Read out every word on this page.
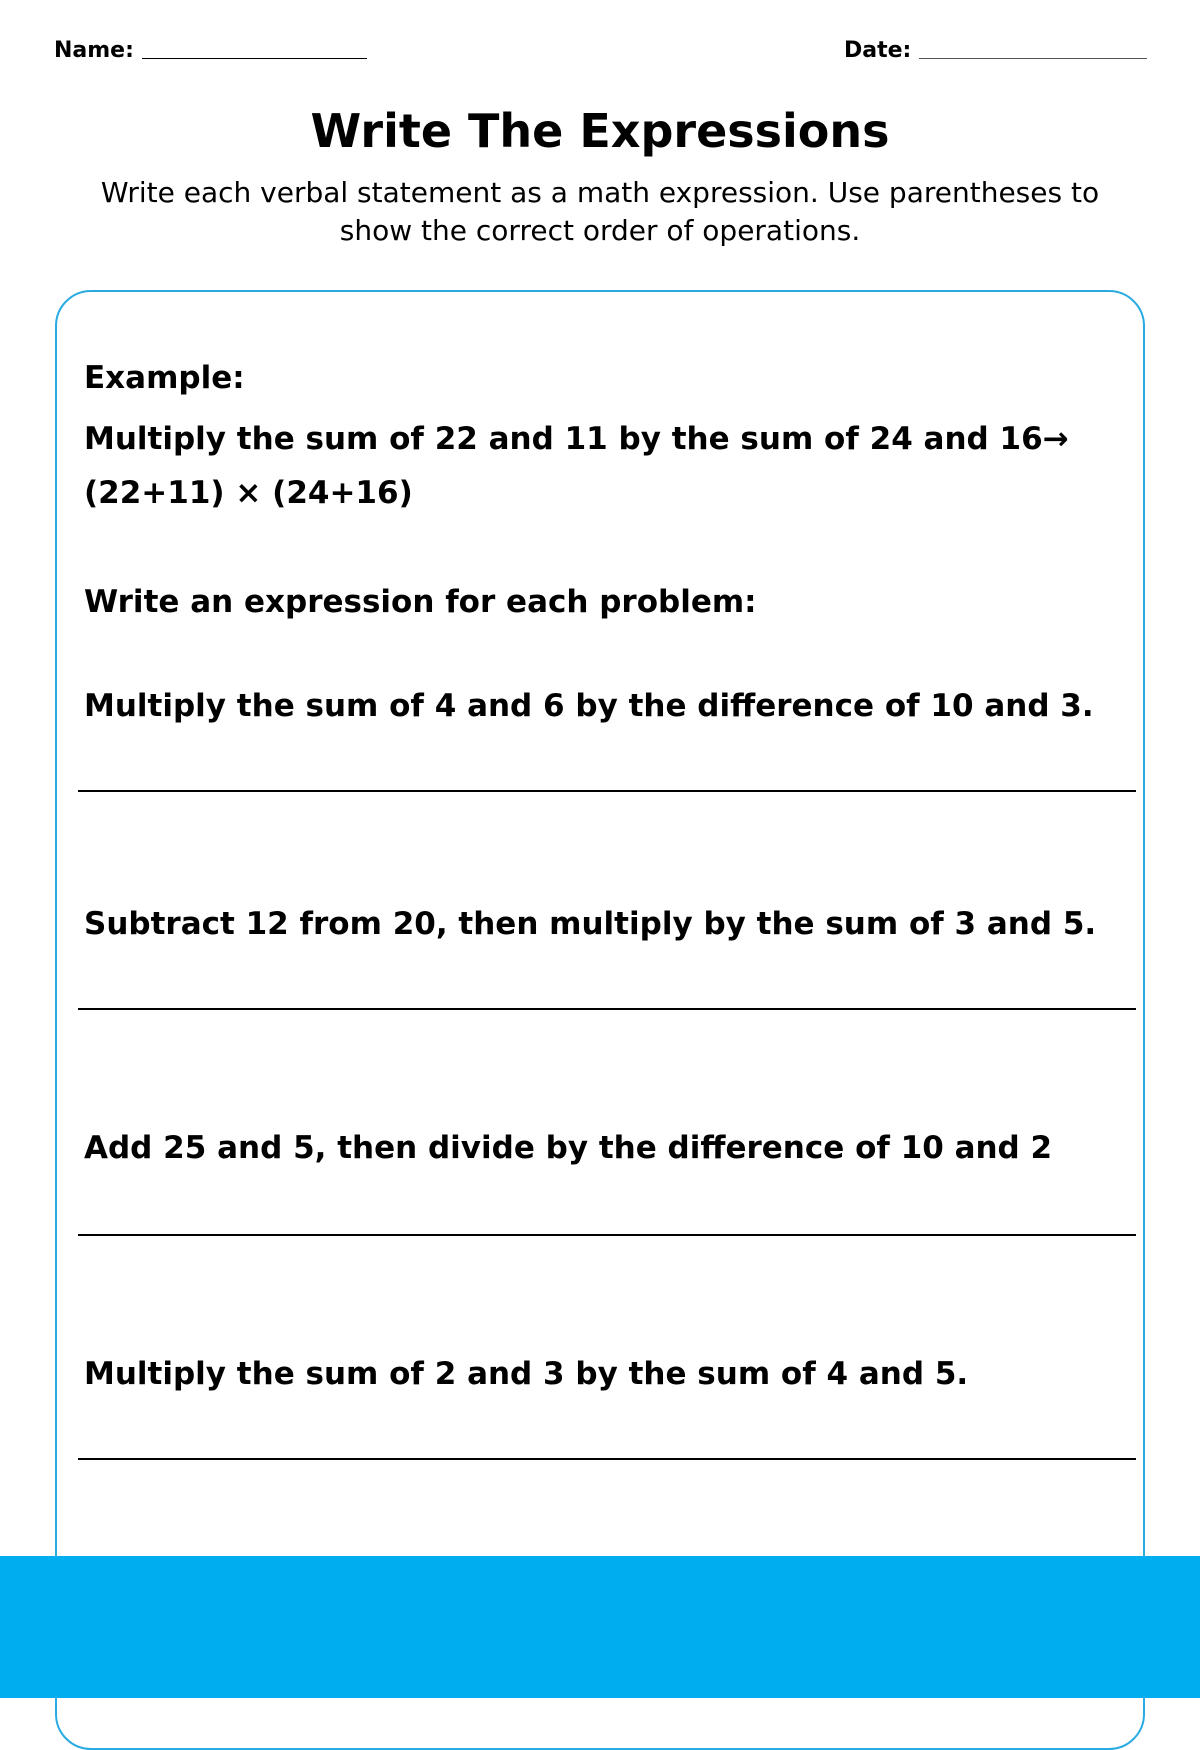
Name:	Date:
Write The Expressions

Write each verbal statement as a math expression. Use parentheses to show the correct order of operations.

Example:

Multiply the sum of 22 and 11 by the sum of 24 and 16→
(22+11) × (24+16)

Write an expression for each problem:
Multiply the sum of 4 and 6 by the difference of 10 and 3.
Subtract 12 from 20, then multiply by the sum of 3 and 5.
Add 25 and 5, then divide by the difference of 10 and 2
Multiply the sum of 2 and 3 by the sum of 4 and 5.
